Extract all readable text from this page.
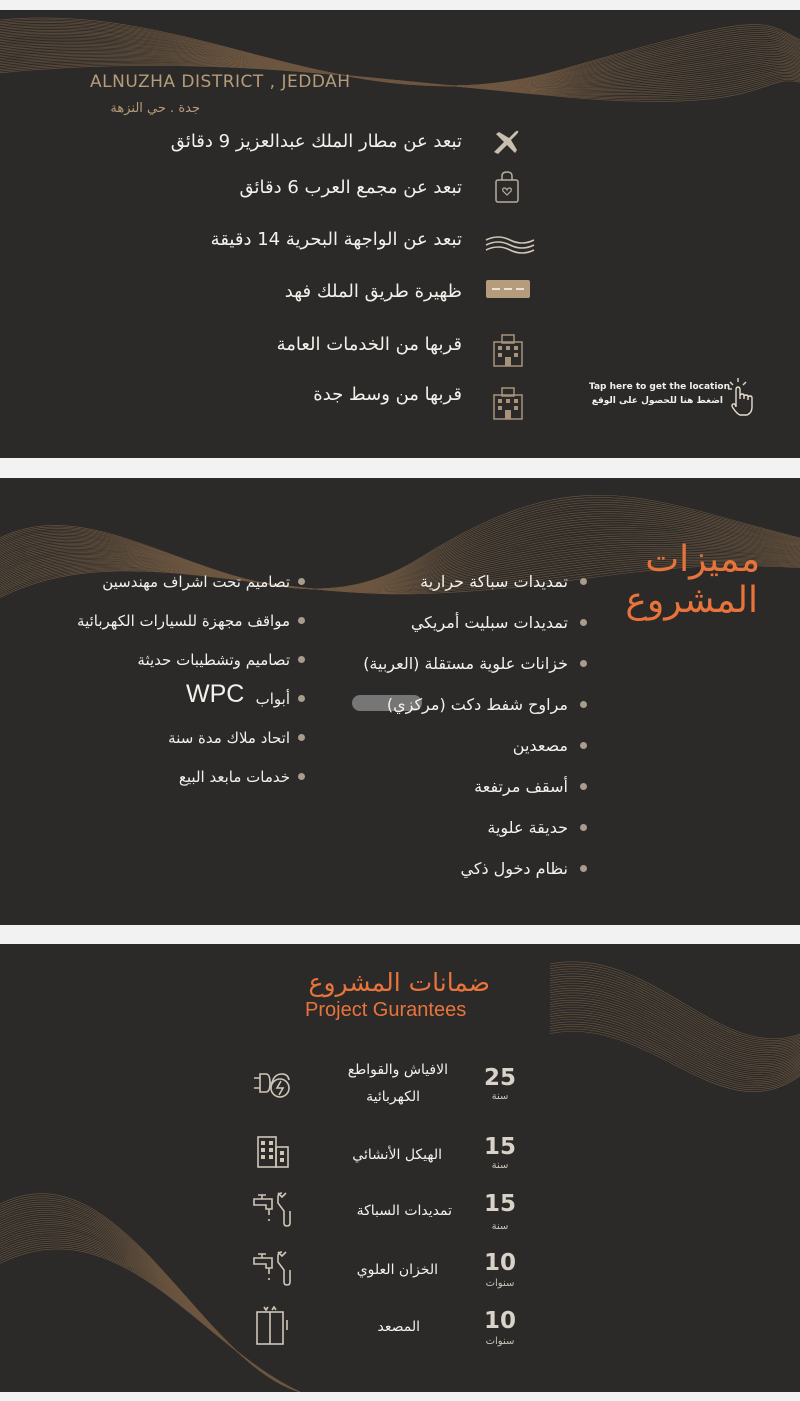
ALNUZHA DISTRICT , JEDDAH
جدة . حي النزهة
تبعد عن مطار الملك عبدالعزيز 9 دقائق
تبعد عن مجمع العرب 6 دقائق
تبعد عن الواجهة البحرية 14 دقيقة
ظهيرة طريق الملك فهد
قربها من الخدمات العامة
قربها من وسط جدة	Tap here to get the location
اضغط هنا للحصول على الوقع
مميزات
المشروع
تمديدات سباكة حرارية
تمديدات سبليت أمريكي
خزانات علوية مستقلة (العربية)
مراوح شفط دكت (مركزي)
مصعدين
أسقف مرتفعة
حديقة علوية
نظام دخول ذكي
تصاميم تحت اشراف مهندسين
مواقف مجهزة للسيارات الكهربائية
تصاميم وتشطيبات حديثة
أبواب
WPC
اتحاد ملاك مدة سنة
خدمات مابعد البيع
ضمانات المشروع
Project Gurantees
25
سنة
الافياش والقواطع
الكهربائية
15
سنة
الهيكل الأنشائي
15
سنة
تمديدات السباكة
10
سنوات
الخزان العلوي
10
سنوات
المصعد
